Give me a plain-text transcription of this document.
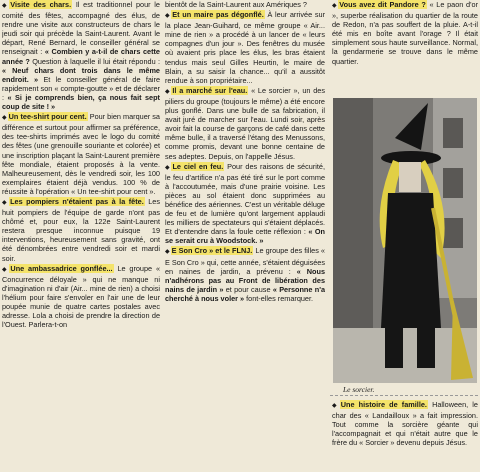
◆ Visite des chars. Il est traditionnel pour le comité des fêtes, accompagné des élus, de rendre une visite aux constructeurs de chars le jeudi soir qui précède la Saint-Laurent. Avant le départ, René Bernard, le conseiller général se renseignait : « Combien y a-t-il de chars cette année ? Question à laquelle il lui était répondu : « Neuf chars dont trois dans le même endroit. » Et le conseiller général de faire rapidement son « compte-goutte » et de déclarer : « Si je comprends bien, ça nous fait sept coup de site ! »

◆ Un tee-shirt pour cent. Pour bien marquer sa différence et surtout pour affirmer sa préférence, des tee-shirts imprimés avec le logo du comité des fêtes (une grenouille souriante et colorée) et une inscription plaçant la Saint-Laurent première fête mondiale, étaient proposés à la vente. Malheureusement, dès le vendredi soir, les 100 exemplaires étaient déjà vendus. 100 % de réussite à l'opération « Un tee-shirt pour cent ».

◆ Les pompiers n'étaient pas à la fête. Les huit pompiers de l'équipe de garde n'ont pas chômé et, pour eux, la 122e Saint-Laurent restera presque inconnue puisque 19 interventions, heureusement sans gravité, ont été dénombrées entre vendredi soir et mardi soir.

◆ Une ambassadrice gonflée... Le groupe « Concurrence déloyale » qui ne manque ni d'imagination ni d'air (Air... mine de rien) a choisi l'hélium pour faire s'envoler en l'air une de leur poupée munie de quatre cartes postales avec adresse. Lola a choisi de prendre la direction de l'Ouest. Parlera-t-on

bientôt de la Saint-Laurent aux Amériques ?

◆ Et un maire pas dégonflé. À leur arrivée sur la place Jean-Guihard, ce même groupe « Air... mine de rien » a procédé à un lancer de « leurs compagnes d'un jour ». Des fenêtres du musée où avaient pris place les élus, les bras étaient tendus mais seul Gilles Heurtin, le maire de Blain, a su saisir la chance... qu'il a aussitôt rendue à son propriétaire...

◆ Il a marché sur l'eau. « Le sorcier », un des piliers du groupe (toujours le même) a été encore plus gonflé. Dans une bulle de sa fabrication, il avait juré de marcher sur l'eau. Lundi soir, après avoir fait la course de garçons de café dans cette même bulle, il a traversé l'étang des Menussons, comme promis, devant une bonne centaine de ses adeptes. Depuis, on l'appelle Jésus.

◆ Le ciel en feu. Pour des raisons de sécurité, le feu d'artifice n'a pas été tiré sur le port comme à l'accoutumée, mais d'une prairie voisine. Les pièces au sol étaient donc supprimées au bénéfice des aériennes. C'est un véritable déluge de feu et de lumière qu'ont largement applaudi les milliers de spectateurs qui s'étaient déplacés. Et d'entendre dans la foule cette réflexion : « On se serait cru à Woodstock. »

◆ E Son Cro » et le FLNJ. Le groupe des filles « E Son Cro » qui, cette année, s'étaient déguisées en naines de jardin, a prévenu : « Nous n'adhérons pas au Front de libération des nains de jardin » et pour cause « Personne n'a cherché à nous voler » font-elles remarquer.

◆ Vous avez dit Pandore ? « Le paon d'or », superbe réalisation du quartier de la route de Redon, n'a pas souffert de la pluie. A-t-il été mis en boîte avant l'orage ? Il était simplement sous haute surveillance. Normal, la gendarmerie se trouve dans le même quartier.

Le sorcier.

◆ Une histoire de famille. Halloween, le char des « Landailloux » a fait impression. Tout comme la sorcière géante qui l'accompagnait et qui n'était autre que le frère du « Sorcier » devenu depuis Jésus.
